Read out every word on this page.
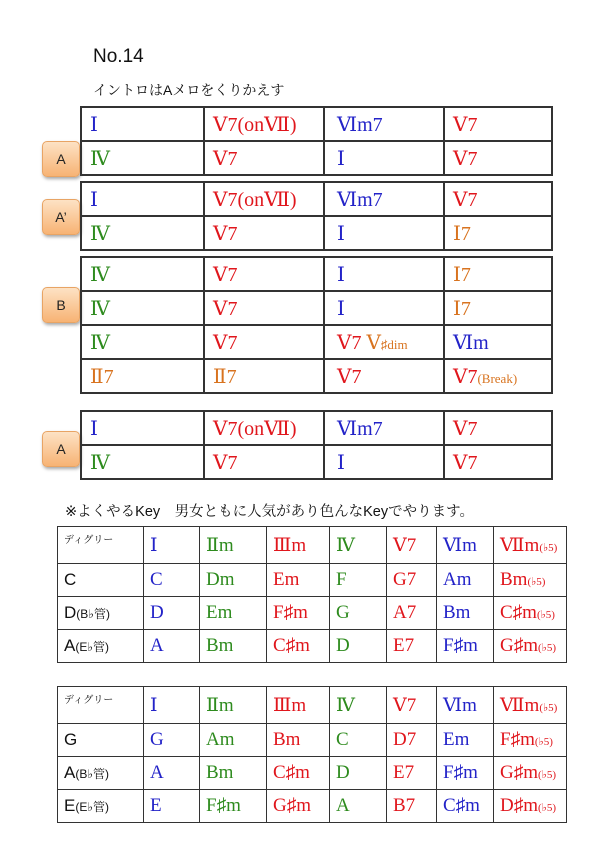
No.14
イントロはAメロをくりかえす
A
Ⅰ	Ⅴ7(onⅦ)	Ⅵm7	Ⅴ7
Ⅳ	Ⅴ7	Ⅰ	Ⅴ7
A’
Ⅰ	Ⅴ7(onⅦ)	Ⅵm7	Ⅴ7
Ⅳ	Ⅴ7	Ⅰ	Ⅰ7
B
Ⅳ	Ⅴ7	Ⅰ	Ⅰ7
Ⅳ	Ⅴ7	Ⅰ	Ⅰ7
Ⅳ	Ⅴ7	Ⅴ7 Ⅴ♯dim	Ⅵm
Ⅱ7	Ⅱ7	Ⅴ7	Ⅴ7(Break)
A
Ⅰ	Ⅴ7(onⅦ)	Ⅵm7	Ⅴ7
Ⅳ	Ⅴ7	Ⅰ	Ⅴ7
※よくやるKey　男女ともに人気があり色んなKeyでやります。
ディグリー	Ⅰ	Ⅱm	Ⅲm	Ⅳ	Ⅴ7	Ⅵm	Ⅶm(♭5)
C	C	Dm	Em	F	G7	Am	Bm(♭5)
D(B♭管)	D	Em	F♯m	G	A7	Bm	C♯m(♭5)
A(E♭管)	A	Bm	C♯m	D	E7	F♯m	G♯m(♭5)
ディグリー	Ⅰ	Ⅱm	Ⅲm	Ⅳ	Ⅴ7	Ⅵm	Ⅶm(♭5)
G	G	Am	Bm	C	D7	Em	F♯m(♭5)
A(B♭管)	A	Bm	C♯m	D	E7	F♯m	G♯m(♭5)
E(E♭管)	E	F♯m	G♯m	A	B7	C♯m	D♯m(♭5)
